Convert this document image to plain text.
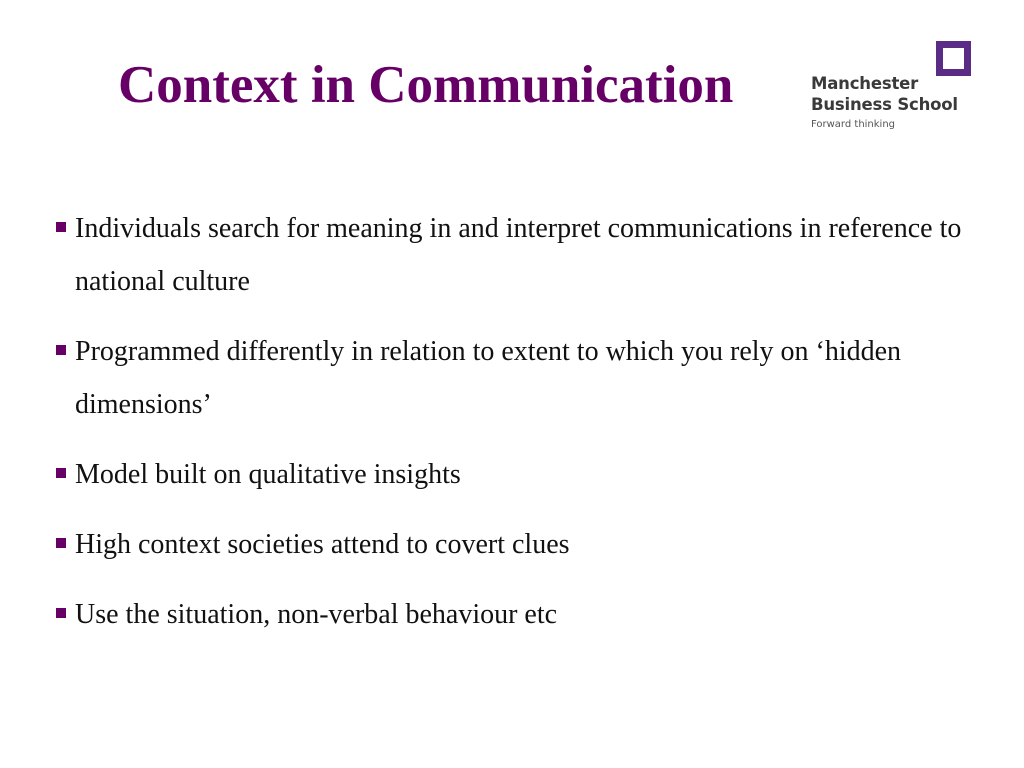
Context in Communication	Manchester
Business School
Forward thinking
Individuals search for meaning in and interpret communications in reference to national culture
Programmed differently in relation to extent to which you rely on ‘hidden dimensions’
Model built on qualitative insights
High context societies attend to covert clues
Use the situation, non-verbal behaviour etc
